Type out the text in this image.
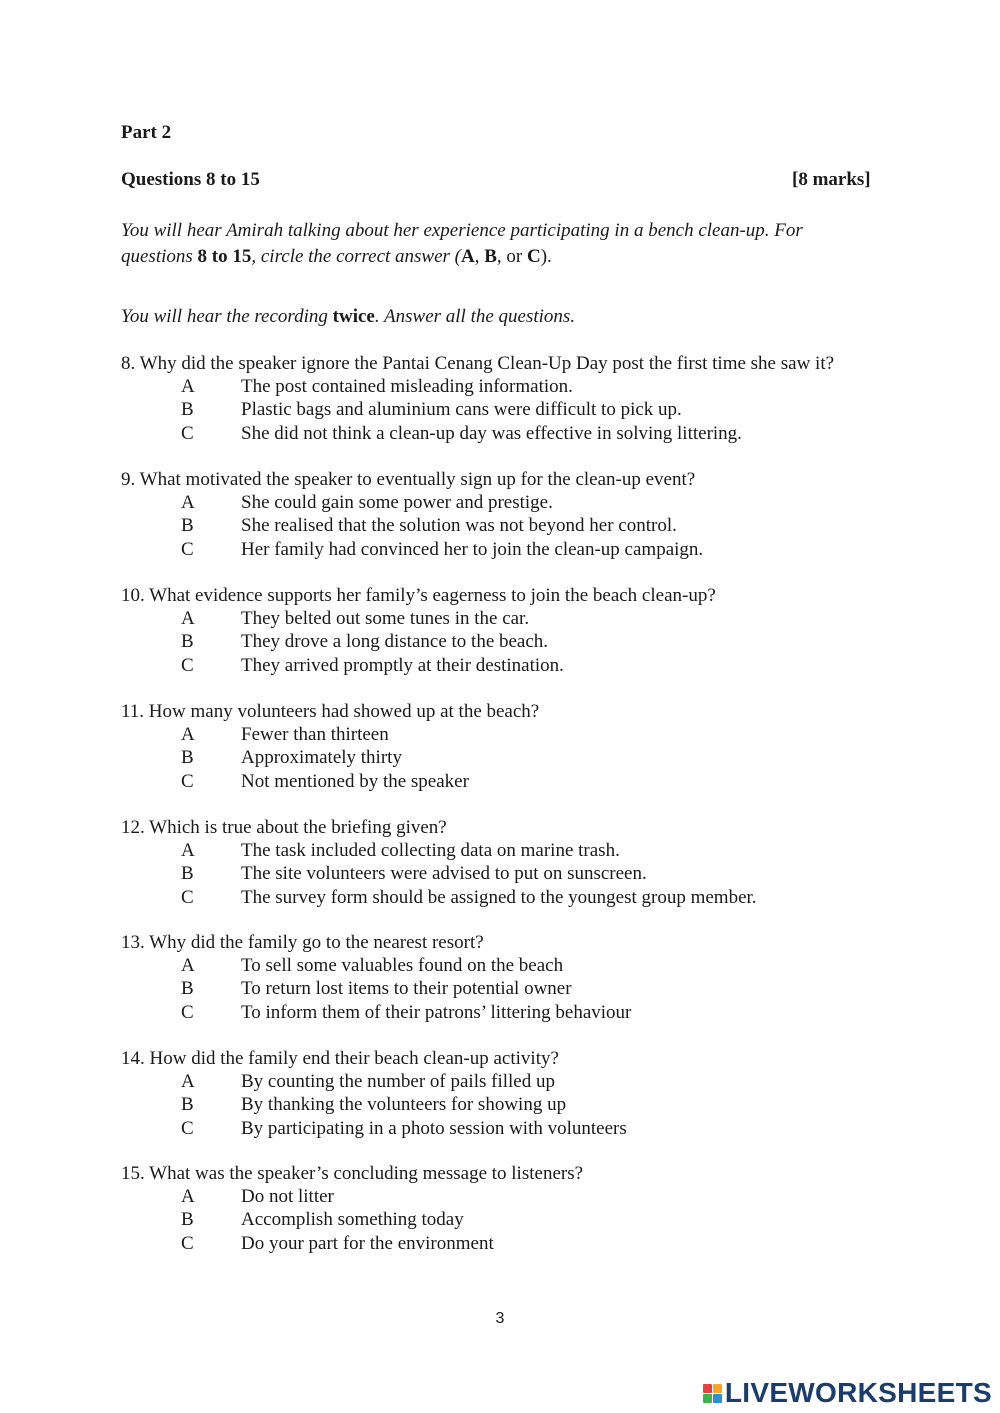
Part 2
Questions 8 to 15	[8 marks]
You will hear Amirah talking about her experience participating in a bench clean-up. For
questions 8 to 15, circle the correct answer (A, B, or C).
You will hear the recording twice. Answer all the questions.
8. Why did the speaker ignore the Pantai Cenang Clean-Up Day post the first time she saw it?
A	The post contained misleading information.
B	Plastic bags and aluminium cans were difficult to pick up.
C	She did not think a clean-up day was effective in solving littering.
9. What motivated the speaker to eventually sign up for the clean-up event?
A	She could gain some power and prestige.
B	She realised that the solution was not beyond her control.
C	Her family had convinced her to join the clean-up campaign.
10. What evidence supports her family’s eagerness to join the beach clean-up?
A	They belted out some tunes in the car.
B	They drove a long distance to the beach.
C	They arrived promptly at their destination.
11. How many volunteers had showed up at the beach?
A	Fewer than thirteen
B	Approximately thirty
C	Not mentioned by the speaker
12. Which is true about the briefing given?
A	The task included collecting data on marine trash.
B	The site volunteers were advised to put on sunscreen.
C	The survey form should be assigned to the youngest group member.
13. Why did the family go to the nearest resort?
A	To sell some valuables found on the beach
B	To return lost items to their potential owner
C	To inform them of their patrons’ littering behaviour
14. How did the family end their beach clean-up activity?
A	By counting the number of pails filled up
B	By thanking the volunteers for showing up
C	By participating in a photo session with volunteers
15. What was the speaker’s concluding message to listeners?
A	Do not litter
B	Accomplish something today
C	Do your part for the environment
3
LIVEWORKSHEETS
